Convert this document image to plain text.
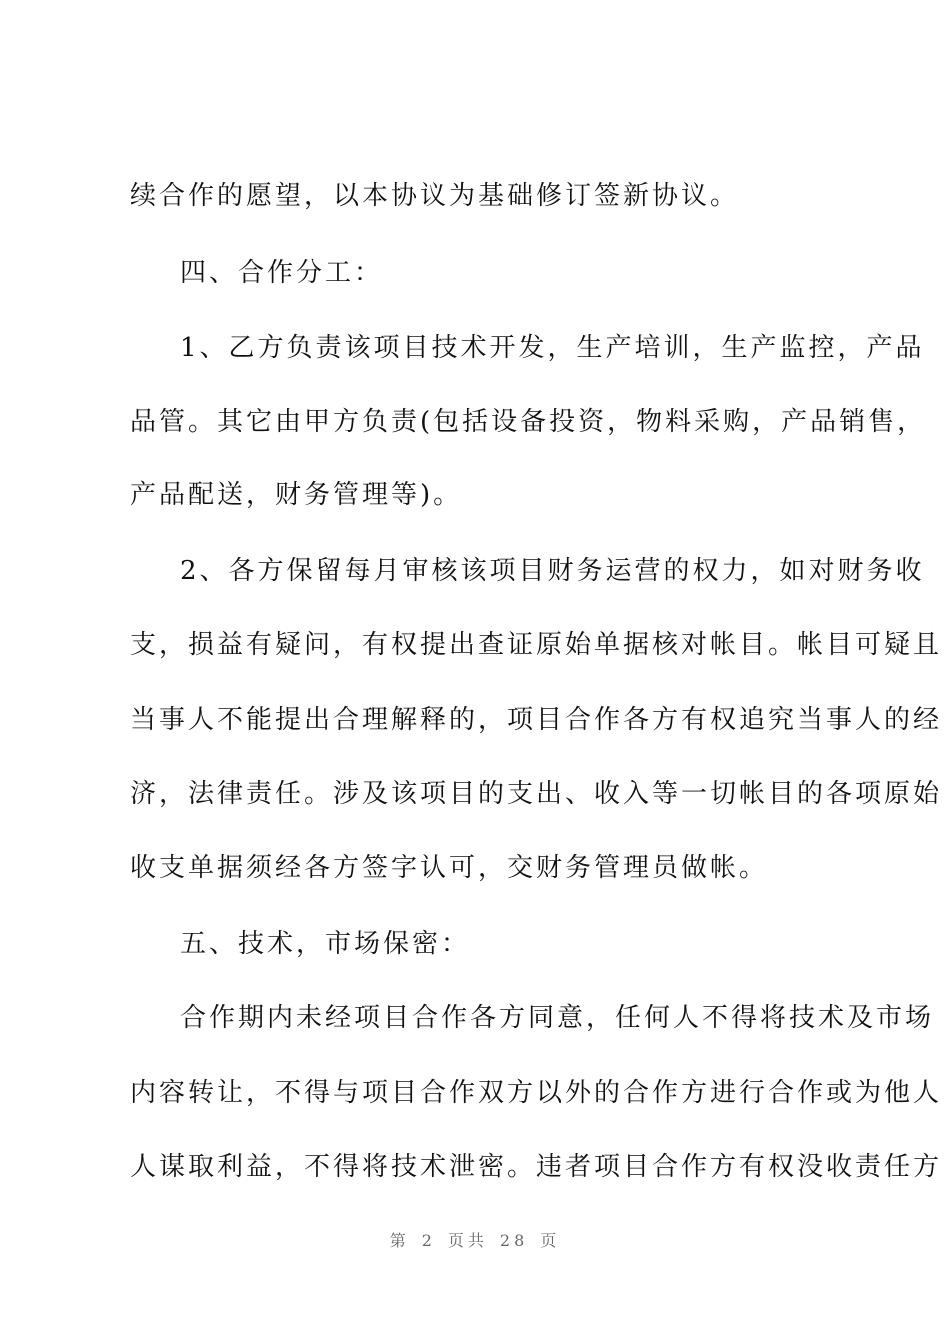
续合作的愿望，以本协议为基础修订签新协议。
四、合作分工：
1、乙方负责该项目技术开发，生产培训，生产监控，产品
品管。其它由甲方负责(包括设备投资，物料采购，产品销售，
产品配送，财务管理等)。
2、各方保留每月审核该项目财务运营的权力，如对财务收
支，损益有疑问，有权提出查证原始单据核对帐目。帐目可疑且
当事人不能提出合理解释的，项目合作各方有权追究当事人的经
济，法律责任。涉及该项目的支出、收入等一切帐目的各项原始
收支单据须经各方签字认可，交财务管理员做帐。
五、技术，市场保密：
合作期内未经项目合作各方同意，任何人不得将技术及市场
内容转让，不得与项目合作双方以外的合作方进行合作或为他人
人谋取利益，不得将技术泄密。违者项目合作方有权没收责任方
第 2 页共 28 页
